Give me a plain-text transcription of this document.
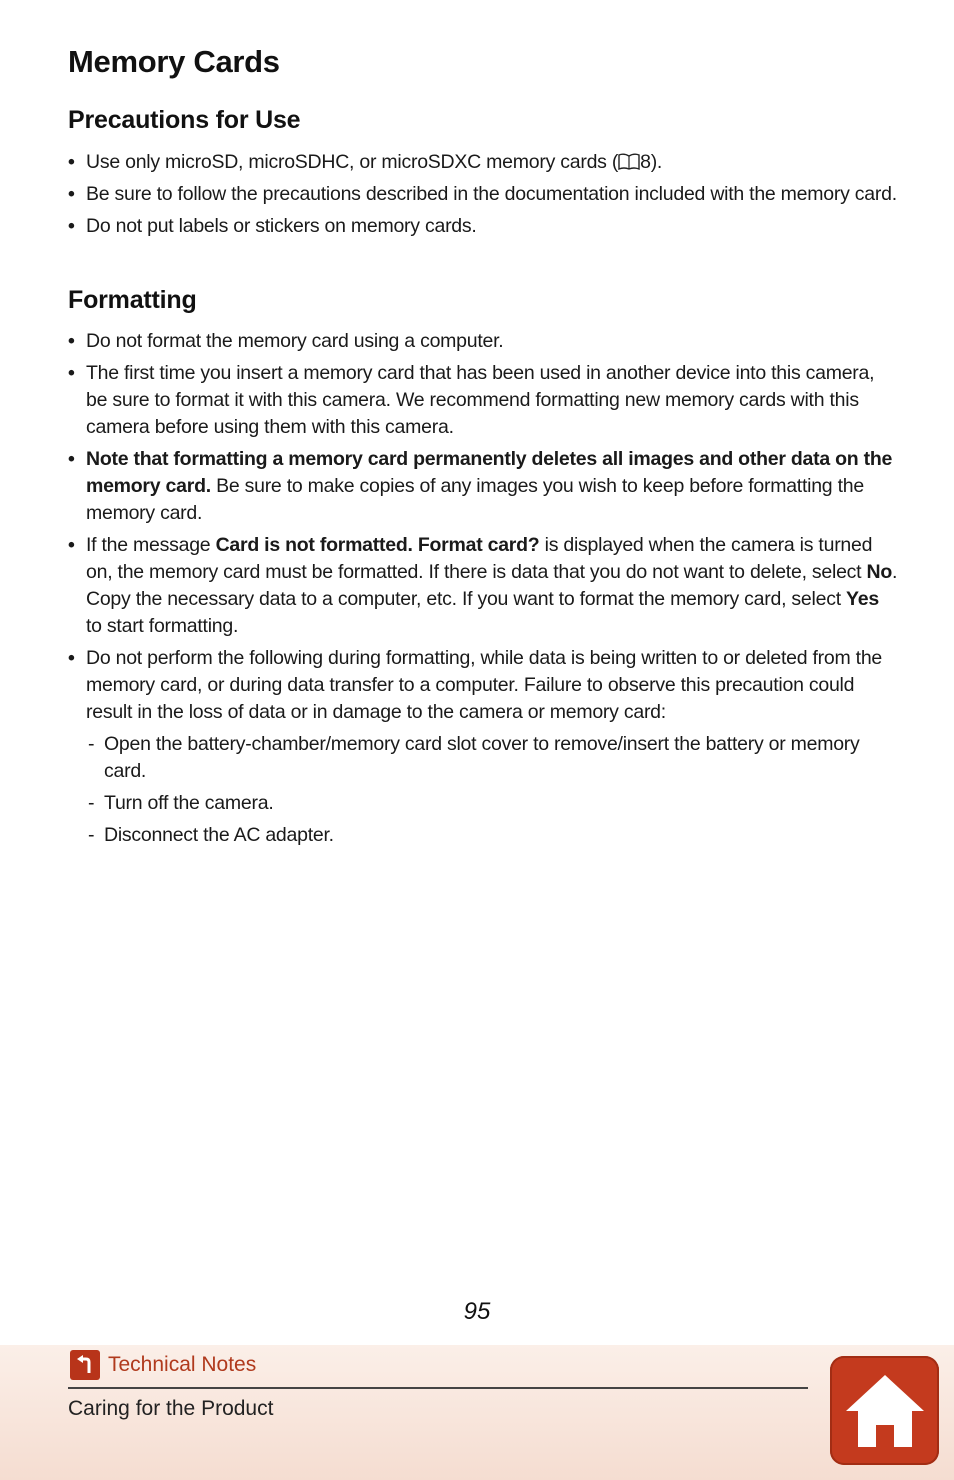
Memory Cards
Precautions for Use
• Use only microSD, microSDHC, or microSDXC memory cards ( 8).
• Be sure to follow the precautions described in the documentation included with the memory card.
• Do not put labels or stickers on memory cards.
Formatting
• Do not format the memory card using a computer.
• The first time you insert a memory card that has been used in another device into this camera, be sure to format it with this camera. We recommend formatting new memory cards with this camera before using them with this camera.
• Note that formatting a memory card permanently deletes all images and other data on the memory card. Be sure to make copies of any images you wish to keep before formatting the memory card.
• If the message Card is not formatted. Format card? is displayed when the camera is turned on, the memory card must be formatted. If there is data that you do not want to delete, select No. Copy the necessary data to a computer, etc. If you want to format the memory card, select Yes to start formatting.
• Do not perform the following during formatting, while data is being written to or deleted from the memory card, or during data transfer to a computer. Failure to observe this precaution could result in the loss of data or in damage to the camera or memory card:
- Open the battery-chamber/memory card slot cover to remove/insert the battery or memory card.
- Turn off the camera.
- Disconnect the AC adapter.
95
Technical Notes
Caring for the Product
